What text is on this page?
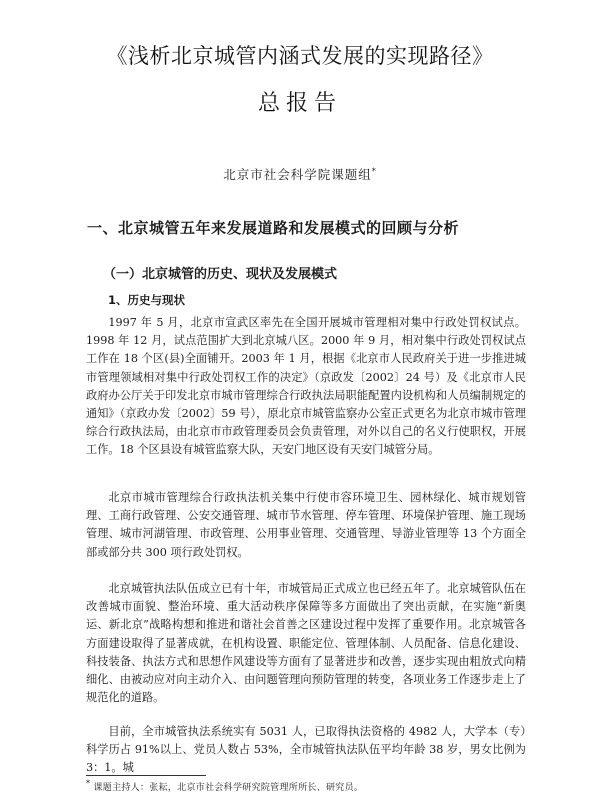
《浅析北京城管内涵式发展的实现路径》
总报告
北京市社会科学院课题组*
一、北京城管五年来发展道路和发展模式的回顾与分析
（一）北京城管的历史、现状及发展模式
1、历史与现状

1997 年 5 月，北京市宣武区率先在全国开展城市管理相对集中行政处罚权试点。1998 年 12 月，试点范围扩大到北京城八区。2000 年 9 月，相对集中行政处罚权试点工作在 18 个区(县)全面铺开。2003 年 1 月，根据《北京市人民政府关于进一步推进城市管理领域相对集中行政处罚权工作的决定》（京政发〔2002〕24 号）及《北京市人民政府办公厅关于印发北京市城市管理综合行政执法局职能配置内设机构和人员编制规定的通知》（京政办发〔2002〕59 号），原北京市城管监察办公室正式更名为北京市城市管理综合行政执法局，由北京市市政管理委员会负责管理，对外以自己的名义行使职权，开展工作。18 个区县设有城管监察大队，天安门地区设有天安门城管分局。

北京市城市管理综合行政执法机关集中行使市容环境卫生、园林绿化、城市规划管理、工商行政管理、公安交通管理、城市节水管理、停车管理、环境保护管理、施工现场管理、城市河湖管理、市政管理、公用事业管理、交通管理、导游业管理等 13 个方面全部或部分共 300 项行政处罚权。

北京城管执法队伍成立已有十年，市城管局正式成立也已经五年了。北京城管队伍在改善城市面貌、整治环境、重大活动秩序保障等多方面做出了突出贡献，在实施“新奥运、新北京”战略构想和推进和谐社会首善之区建设过程中发挥了重要作用。北京城管各方面建设取得了显著成就，在机构设置、职能定位、管理体制、人员配备、信息化建设、科技装备、执法方式和思想作风建设等方面有了显著进步和改善，逐步实现由粗放式向精细化、由被动应对向主动介入、由问题管理向预防管理的转变，各项业务工作逐步走上了规范化的道路。

目前，全市城管执法系统实有 5031 人，已取得执法资格的 4982 人，大学本（专）科学历占 91%以上、党员人数占 53%，全市城管执法队伍平均年龄 38 岁，男女比例为 3：1。城

* 课题主持人：张耘，北京市社会科学研究院管理所所长、研究员。
